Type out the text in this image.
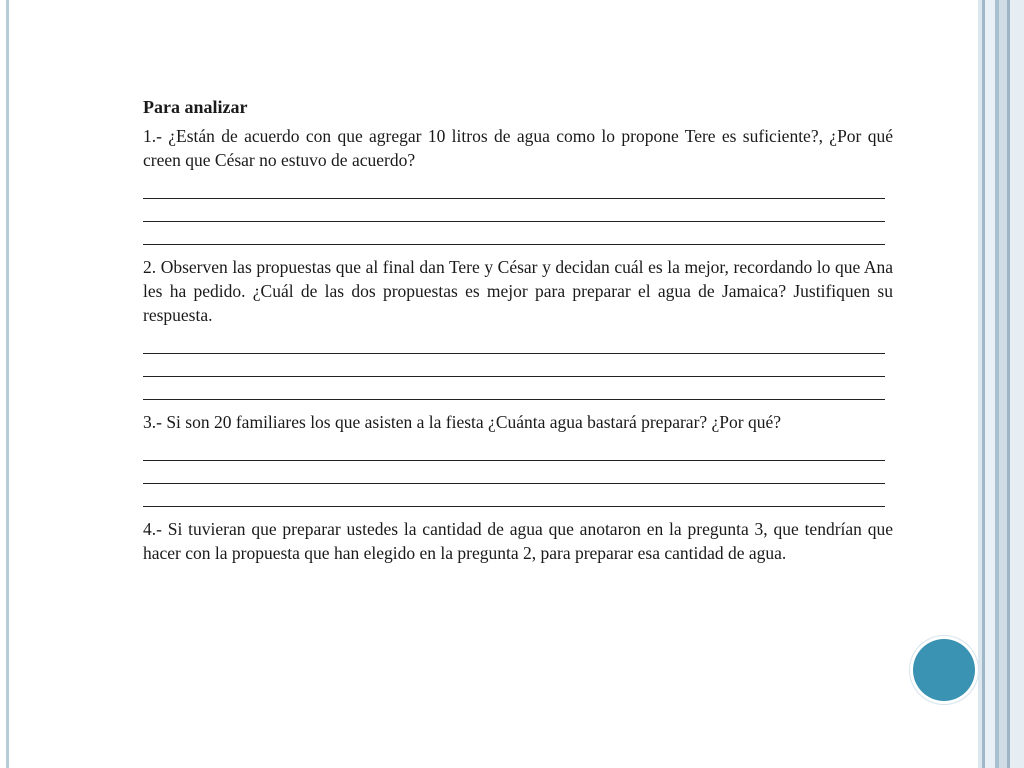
Para analizar

1.- ¿Están de acuerdo con que agregar 10 litros de agua como lo propone Tere es suficiente?, ¿Por qué creen que César no estuvo de acuerdo?

2. Observen las propuestas que al final dan Tere y César y decidan cuál es la mejor, recordando lo que Ana les ha pedido. ¿Cuál de las dos propuestas es mejor para preparar el agua de Jamaica? Justifiquen su respuesta.

3.- Si son 20 familiares los que asisten a la fiesta ¿Cuánta agua bastará preparar? ¿Por qué?

4.- Si tuvieran que preparar ustedes la cantidad de agua que anotaron en la pregunta 3, que tendrían que hacer con la propuesta que han elegido en la pregunta 2, para preparar esa cantidad de agua.
